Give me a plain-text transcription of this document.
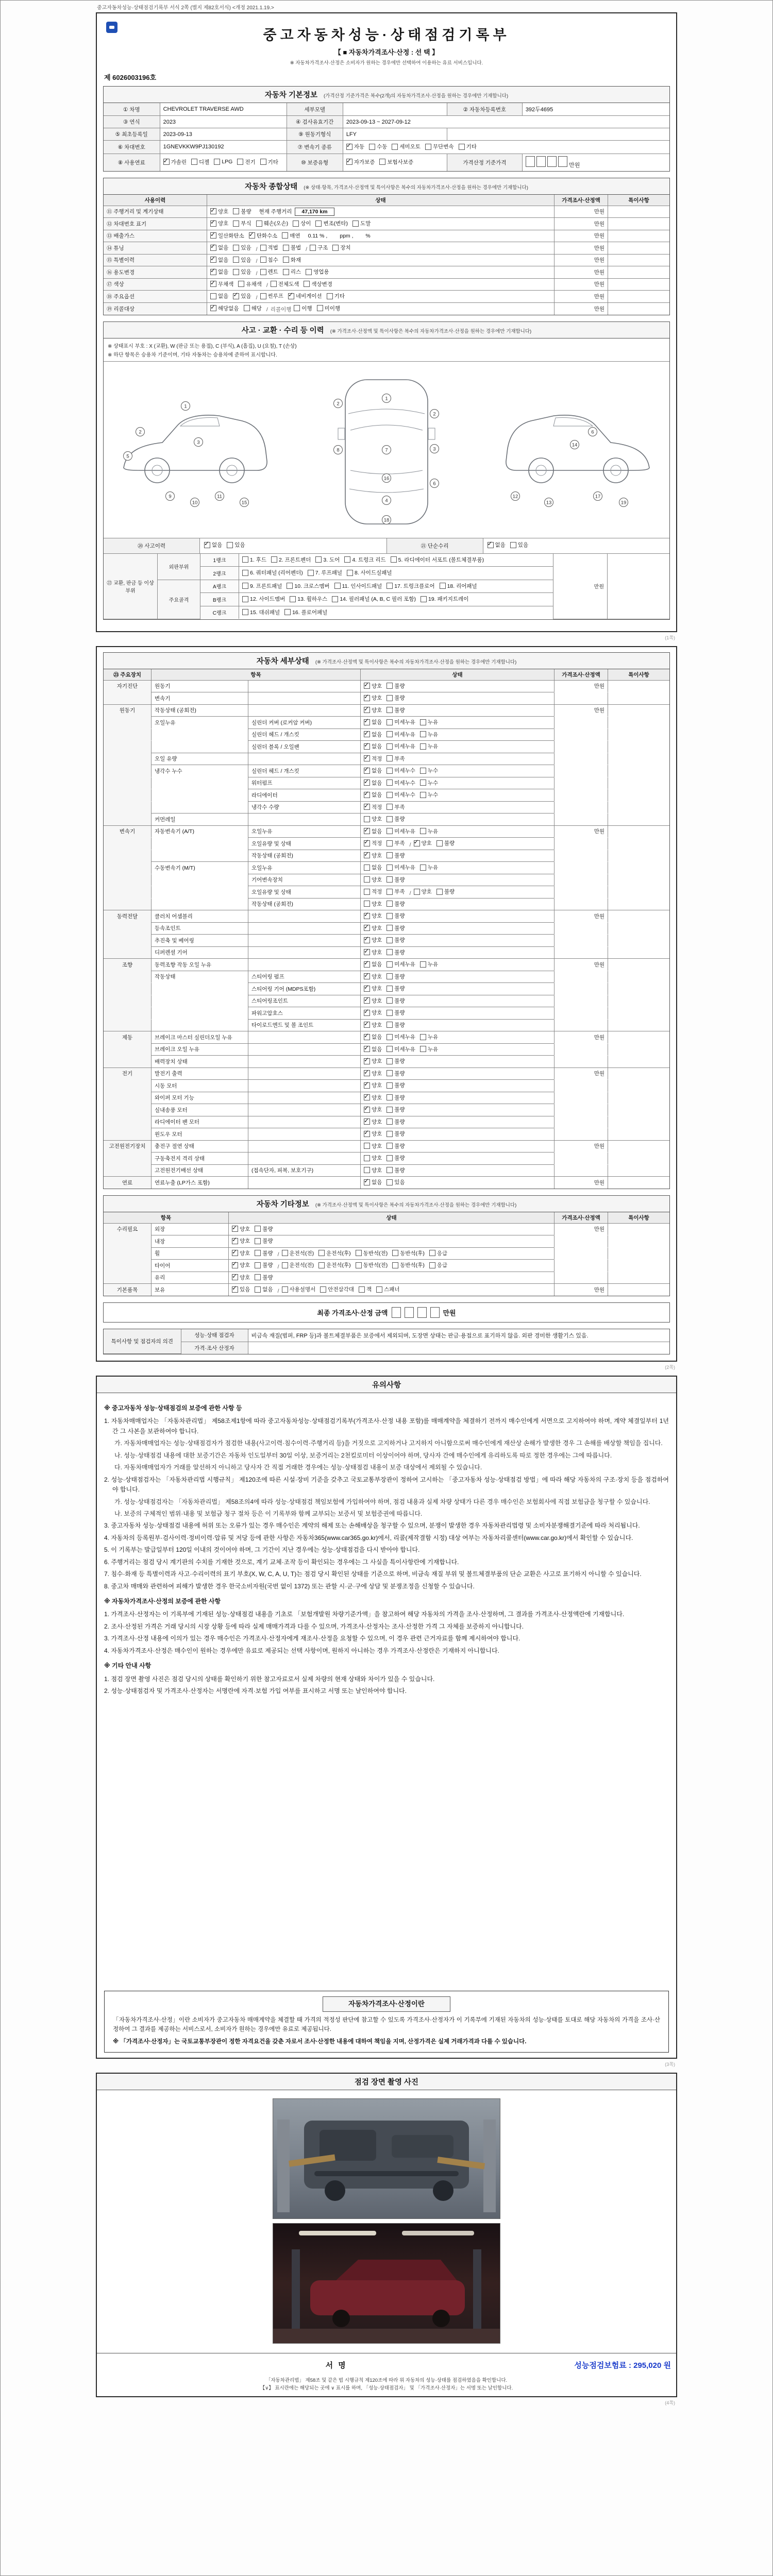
중고자동차성능·상태점검기록부 서식 2쪽 (별지 제82호서식) <개정 2021.1.19.>
중고자동차성능·상태점검기록부
【 ■ 자동차가격조사·산정 : 선 택 】
※ 자동차가격조사·산정은 소비자가 원하는 경우에만 선택하여 이용하는 유료 서비스입니다.
제 6026003196호
자동차 기본정보 (가격산정 기준가격은 복수(2개)의 자동차가격조사·산정을 원하는 경우에만 기재합니다)
① 차명	CHEVROLET TRAVERSE AWD	세부모델		② 자동차등록번호	392두4695
③ 연식	2023	④ 검사유효기간	2023-09-13 ~ 2027-09-12		
⑤ 최초등록일	2023-09-13	⑨ 원동기형식	LFY		
⑥ 차대번호	1GNEVKKW9PJ130192	⑦ 변속기 종류	
✓자동 수동 세미오토 무단변속 기타

⑧ 사용연료	
✓가솔린 디젤 LPG 전기 기타	⑩ 보증유형	
✓자가보증 보험사보증	가격산정 기준가격	만원
자동차 종합상태 (※ 상태·항목, 가격조사·산정액 및 특이사항은 복수의 자동차가격조사·산정을 원하는 경우에만 기재합니다)
사용이력	상태	가격조사·산정액	특이사항
⑪ 주행거리 및 계기상태 ✓	양호 불량 현재 주행거리	47,170 km	만원
⑫ 차대번호 표기 ✓	양호 부식 훼손(오손) 상이 변조(변타) 도말	만원
⑬ 배출가스 ✓	일산화탄소 ✓ 탄화수소 매연 0.11 % ,　　 ppm ,　　 %	만원
⑭ 튜닝 ✓	없음 있음 / 적법 불법 / 구조 장치	만원
⑮ 특별이력 ✓	없음 있음 / 침수 화재	만원
⑯ 용도변경 ✓	없음 있음 / 렌트 리스 영업용	만원
⑰ 색상 ✓	무채색 유채색 / 전체도색 색상변경	만원
⑱ 주요옵션	없음 ✓ 있음 / 썬루프 ✓ 네비게이션 기타	만원
⑲ 리콜대상 ✓	해당없음 해당 / 리콜이행 이행 미이행	만원
사고 · 교환 · 수리 등 이력 (※ 가격조사·산정액 및 특이사항은 복수의 자동차가격조사·산정을 원하는 경우에만 기재합니다)
※ 상태표시 부호 : X (교환), W (판금 또는 용접), C (부식), A (흠집), U (요철), T (손상)
※ 하단 항목은 승용차 기준이며, 기타 자동차는 승용차에 준하여 표시합니다.
1
2
3
5
9
10
11
15
2
2
8	3
1
7
16
4
18
6
6
14
12
13
17
19
⑳ 사고이력 ✓	없음 있음	㉑ 단순수리 ✓	없음 있음
㉒ 교환, 판금 등 이상 부위	외판부위	1랭크	1. 후드 2. 프론트펜더 3. 도어 4. 트렁크 리드 5. 라디에이터 서포트 (볼트체결부품)	만원	
		2랭크	6. 쿼터패널 (리어펜더) 7. 루프패널 8. 사이드실패널		

	주요골격	A랭크	9. 프론트패널 10. 크로스멤버 11. 인사이드패널 17. 트렁크플로어 18. 리어패널		

		B랭크	12. 사이드멤버 13. 휠하우스 14. 필러패널 (A, B, C 필러 포함) 19. 패키지트레이		

		C랭크	15. 대쉬패널 16. 플로어패널		
(1쪽)
자동차 세부상태 (※ 가격조사·산정액 및 특이사항은 복수의 자동차가격조사·산정을 원하는 경우에만 기재합니다)
㉓ 주요장치	항목	상태	가격조사·산정액	특이사항
자기진단	원동기 ✓	양호 불량	만원
변속기 ✓	양호 불량
원동기	작동상태 (공회전) ✓	양호 불량	만원
오일누유	실린더 커버 (로커암 커버) ✓	없음 미세누유 누유
실린더 헤드 / 개스킷 ✓	없음 미세누유 누유
실린더 블록 / 오일팬 ✓	없음 미세누유 누유
오일 유량 ✓	적정 부족
냉각수 누수	실린더 헤드 / 개스킷 ✓	없음 미세누수 누수
워터펌프 ✓	없음 미세누수 누수
라디에이터 ✓	없음 미세누수 누수
냉각수 수량 ✓	적정 부족
커먼레일	양호 불량
변속기	자동변속기 (A/T)	오일누유 ✓	없음 미세누유 누유	만원
오일유량 및 상태 ✓	적정 부족 / ✓ 양호 불량
작동상태 (공회전) ✓	양호 불량
수동변속기 (M/T)	오일누유	없음 미세누유 누유
기어변속장치	양호 불량
오일유량 및 상태	적정 부족 / 양호 불량
작동상태 (공회전)	양호 불량
동력전달	클러치 어셈블리 ✓	양호 불량	만원
등속조인트 ✓	양호 불량
추진축 및 베어링 ✓	양호 불량
디퍼렌셜 기어 ✓	양호 불량
조향	동력조향 작동 오일 누유 ✓	없음 미세누유 누유	만원
작동상태	스티어링 펌프 ✓	양호 불량
스티어링 기어 (MDPS포함) ✓	양호 불량
스티어링조인트 ✓	양호 불량
파워고압호스 ✓	양호 불량
타이로드엔드 및 볼 조인트 ✓	양호 불량
제동	브레이크 마스터 실린더오일 누유 ✓	없음 미세누유 누유	만원
브레이크 오일 누유 ✓	없음 미세누유 누유
배력장치 상태 ✓	양호 불량
전기	발전기 출력 ✓	양호 불량	만원
시동 모터 ✓	양호 불량
와이퍼 모터 기능 ✓	양호 불량
실내송풍 모터 ✓	양호 불량
라디에이터 팬 모터 ✓	양호 불량
윈도우 모터 ✓	양호 불량
고전원전기장치	충전구 절연 상태	양호 불량	만원
구동축전지 격리 상태	양호 불량
고전원전기배선 상태	(접속단자, 피복, 보호기구)	양호 불량
연료	연료누출 (LP가스 포함) ✓	없음 있음	만원
자동차 기타정보 (※ 가격조사·산정액 및 특이사항은 복수의 자동차가격조사·산정을 원하는 경우에만 기재합니다)
항목	상태	가격조사·산정액	특이사항
수리필요	외장 ✓	양호 불량	만원
내장 ✓	양호 불량
휠 ✓	양호 불량 / 운전석(전) 운전석(후) 동반석(전) 동반석(후) 응급
타이어 ✓	양호 불량 / 운전석(전) 운전석(후) 동반석(전) 동반석(후) 응급
유리 ✓	양호 불량
기본품목	보유 ✓	있음 없음 / 사용설명서 안전삼각대 잭 스패너	만원
최종 가격조사·산정 금액	만원
특이사항 및 점검자의 의견	성능·상태 점검자	비금속 재질(범퍼, FRP 등)과 볼트체결부품은 보증에서 제외되며, 도장면 상태는 판금·용접으로 표기하지 않음. 외판 경미한 생활기스 있음.
	가격·조사 산정자	
(2쪽)
유의사항
※ 중고자동차 성능·상태점검의 보증에 관한 사항 등
1. 자동차매매업자는 「자동차관리법」 제58조제1항에 따라 중고자동차성능·상태점검기록부(가격조사·산정 내용 포함)를 매매계약을 체결하기 전까지 매수인에게 서면으로 고지하여야 하며, 계약 체결일부터 1년간 그 사본을 보관하여야 합니다.
가. 자동차매매업자는 성능·상태점검자가 점검한 내용(사고이력·침수이력·주행거리 등)을 거짓으로 고지하거나 고지하지 아니함으로써 매수인에게 재산상 손해가 발생한 경우 그 손해를 배상할 책임을 집니다.
나. 성능·상태점검 내용에 대한 보증기간은 자동차 인도일부터 30일 이상, 보증거리는 2천킬로미터 이상이어야 하며, 당사자 간에 매수인에게 유리하도록 따로 정한 경우에는 그에 따릅니다.
다. 자동차매매업자가 거래를 알선하지 아니하고 당사자 간 직접 거래한 경우에는 성능·상태점검 내용이 보증 대상에서 제외될 수 있습니다.
2. 성능·상태점검자는 「자동차관리법 시행규칙」 제120조에 따른 시설·장비 기준을 갖추고 국토교통부장관이 정하여 고시하는 「중고자동차 성능·상태점검 방법」에 따라 해당 자동차의 구조·장치 등을 점검하여야 합니다.
가. 성능·상태점검자는 「자동차관리법」 제58조의4에 따라 성능·상태점검 책임보험에 가입하여야 하며, 점검 내용과 실제 차량 상태가 다른 경우 매수인은 보험회사에 직접 보험금을 청구할 수 있습니다.
나. 보증의 구체적인 범위·내용 및 보험금 청구 절차 등은 이 기록부와 함께 교부되는 보증서 및 보험증권에 따릅니다.
3. 중고자동차 성능·상태점검 내용에 허위 또는 오류가 있는 경우 매수인은 계약의 해제 또는 손해배상을 청구할 수 있으며, 분쟁이 발생한 경우 자동차관리법령 및 소비자분쟁해결기준에 따라 처리됩니다.
4. 자동차의 등록원부·검사이력·정비이력·압류 및 저당 등에 관한 사항은 자동차365(www.car365.go.kr)에서, 리콜(제작결함 시정) 대상 여부는 자동차리콜센터(www.car.go.kr)에서 확인할 수 있습니다.
5. 이 기록부는 발급일부터 120일 이내의 것이어야 하며, 그 기간이 지난 경우에는 성능·상태점검을 다시 받아야 합니다.
6. 주행거리는 점검 당시 계기판의 수치를 기재한 것으로, 계기 교체·조작 등이 확인되는 경우에는 그 사실을 특이사항란에 기재합니다.
7. 침수·화재 등 특별이력과 사고·수리이력의 표기 부호(X, W, C, A, U, T)는 점검 당시 확인된 상태를 기준으로 하며, 비금속 재질 부위 및 볼트체결부품의 단순 교환은 사고로 표기하지 아니할 수 있습니다.
8. 중고차 매매와 관련하여 피해가 발생한 경우 한국소비자원(국번 없이 1372) 또는 관할 시·군·구에 상담 및 분쟁조정을 신청할 수 있습니다.
※ 자동차가격조사·산정의 보증에 관한 사항
1. 가격조사·산정자는 이 기록부에 기재된 성능·상태점검 내용을 기초로 「보험개발원 차량기준가액」을 참고하여 해당 자동차의 가격을 조사·산정하며, 그 결과를 가격조사·산정액란에 기재합니다.
2. 조사·산정된 가격은 거래 당시의 시장 상황 등에 따라 실제 매매가격과 다를 수 있으며, 가격조사·산정자는 조사·산정한 가격 그 자체를 보증하지 아니합니다.
3. 가격조사·산정 내용에 이의가 있는 경우 매수인은 가격조사·산정자에게 재조사·산정을 요청할 수 있으며, 이 경우 관련 근거자료를 함께 제시하여야 합니다.
4. 자동차가격조사·산정은 매수인이 원하는 경우에만 유료로 제공되는 선택 사항이며, 원하지 아니하는 경우 가격조사·산정란은 기재하지 아니합니다.
※ 기타 안내 사항
1. 점검 장면 촬영 사진은 점검 당시의 상태를 확인하기 위한 참고자료로서 실제 차량의 현재 상태와 차이가 있을 수 있습니다.
2. 성능·상태점검자 및 가격조사·산정자는 서명란에 자격·보험 가입 여부를 표시하고 서명 또는 날인하여야 합니다.
자동차가격조사·산정이란
「자동차가격조사·산정」이란 소비자가 중고자동차 매매계약을 체결할 때 가격의 적정성 판단에 참고할 수 있도록 가격조사·산정자가 이 기록부에 기재된 자동차의 성능·상태를 토대로 해당 자동차의 가격을 조사·산정하여 그 결과를 제공하는 서비스로서, 소비자가 원하는 경우에만 유료로 제공됩니다.
※ 「가격조사·산정자」는 국토교통부장관이 정한 자격요건을 갖춘 자로서 조사·산정한 내용에 대하여 책임을 지며, 산정가격은 실제 거래가격과 다를 수 있습니다.
(3쪽)
점검 장면 촬영 사진
서명	성능점검보험료 : 295,020 원
「자동차관리법」 제58조 및 같은 법 시행규칙 제120조에 따라 위 자동차의 성능·상태를 점검하였음을 확인합니다.
【∨】 표시란에는 해당되는 곳에 ∨ 표시를 하며, 「성능·상태점검자」 및 「가격조사·산정자」는 서명 또는 날인합니다.
(4쪽)
